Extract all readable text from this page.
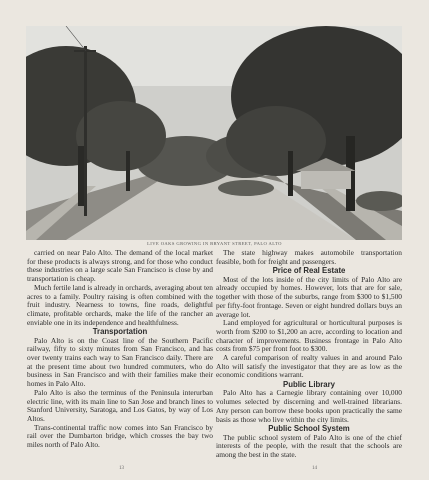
LIVE OAKS GROWING IN BRYANT STREET, PALO ALTO

carried on near Palo Alto. The demand of the local market for these products is always strong, and for those who conduct these industries on a large scale San Francisco is close by and transportation is cheap.

Much fertile land is already in orchards, averaging about ten acres to a family. Poultry raising is often combined with the fruit industry. Nearness to towns, fine roads, delightful climate, profitable orchards, make the life of the rancher an enviable one in its independence and healthfulness.

Transportation

Palo Alto is on the Coast line of the Southern Pacific railway, fifty to sixty minutes from San Francisco, and has over twenty trains each way to San Francisco daily. There are at the present time about two hundred commuters, who do business in San Francisco and with their families make their homes in Palo Alto.

Palo Alto is also the terminus of the Peninsula interurban electric line, with its main line to San Jose and branch lines to Stanford University, Saratoga, and Los Gatos, by way of Los Altos.

Trans-continental traffic now comes into San Francisco by rail over the Dumbarton bridge, which crosses the bay two miles north of Palo Alto.

The state highway makes automobile transportation feasible, both for freight and passengers.

Price of Real Estate

Most of the lots inside of the city limits of Palo Alto are already occupied by homes. However, lots that are for sale, together with those of the suburbs, range from $300 to $1,500 per fifty-foot frontage. Seven or eight hundred dollars buys an average lot.

Land employed for agricultural or horticultural purposes is worth from $200 to $1,200 an acre, according to location and character of improvements. Business frontage in Palo Alto costs from $75 per front foot to $300.

A careful comparison of realty values in and around Palo Alto will satisfy the investigator that they are as low as the economic conditions warrant.

Public Library

Palo Alto has a Carnegie library containing over 10,000 volumes selected by discerning and well-trained librarians. Any person can borrow these books upon practically the same basis as those who live within the city limits.

Public School System

The public school system of Palo Alto is one of the chief interests of the people, with the result that the schools are among the best in the state.

13	14
